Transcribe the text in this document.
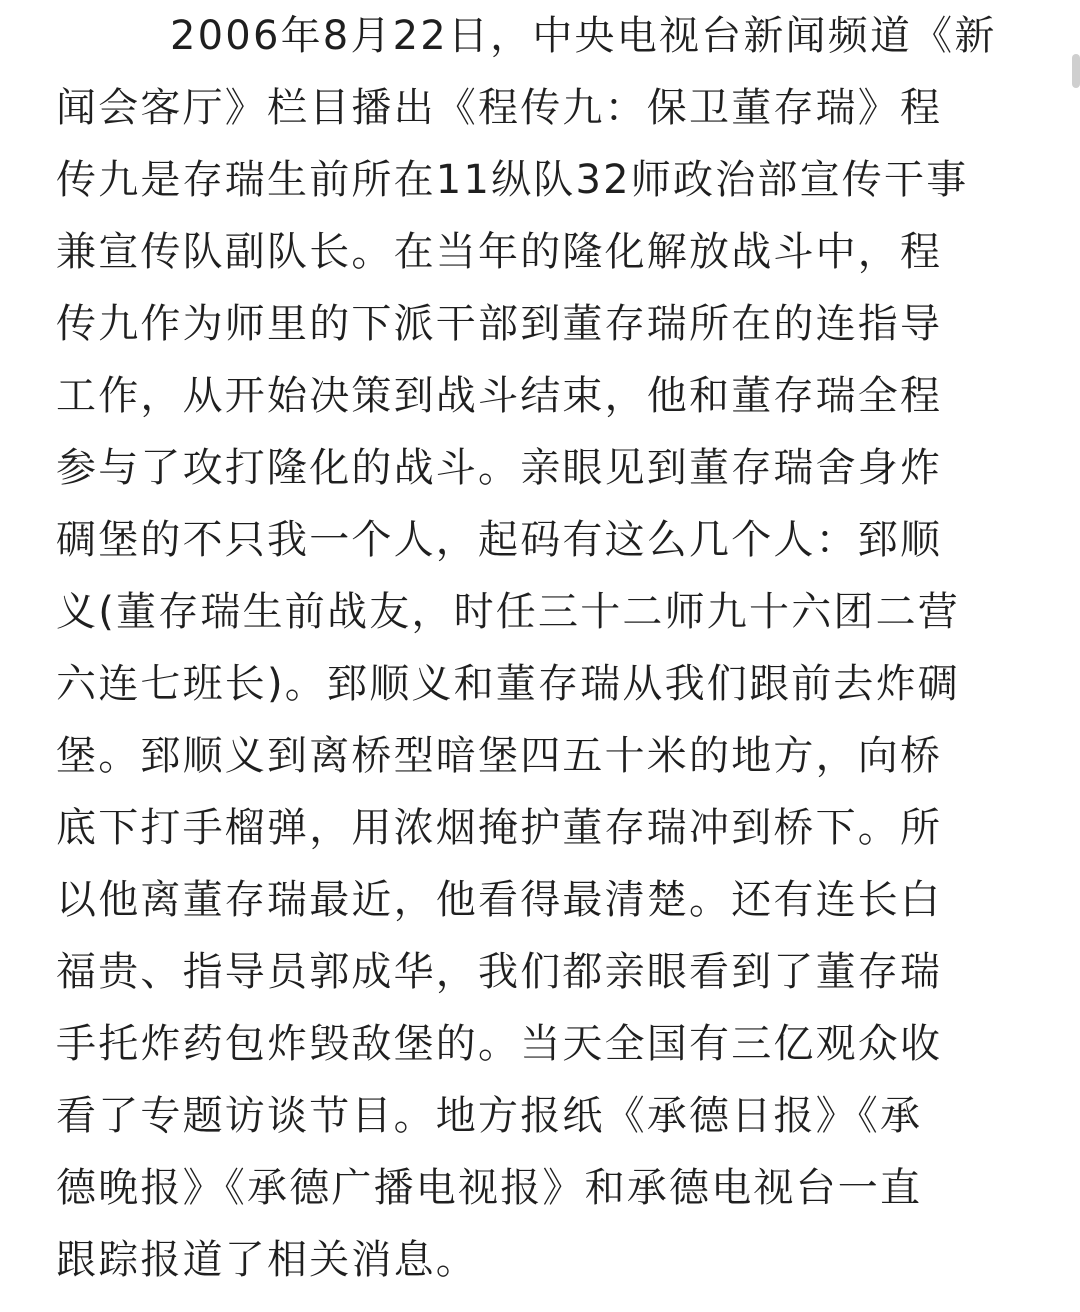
2006年8月22日，中央电视台新闻频道《新
闻会客厅》栏目播出《程传九：保卫董存瑞》程
传九是存瑞生前所在11纵队32师政治部宣传干事
兼宣传队副队长。在当年的隆化解放战斗中，程
传九作为师里的下派干部到董存瑞所在的连指导
工作，从开始决策到战斗结束，他和董存瑞全程
参与了攻打隆化的战斗。亲眼见到董存瑞舍身炸
碉堡的不只我一个人，起码有这么几个人：郅顺
义(董存瑞生前战友，时任三十二师九十六团二营
六连七班长)。郅顺义和董存瑞从我们跟前去炸碉
堡。郅顺义到离桥型暗堡四五十米的地方，向桥
底下打手榴弹，用浓烟掩护董存瑞冲到桥下。所
以他离董存瑞最近，他看得最清楚。还有连长白
福贵、指导员郭成华，我们都亲眼看到了董存瑞
手托炸药包炸毁敌堡的。当天全国有三亿观众收
看了专题访谈节目。地方报纸《承德日报》《承
德晚报》《承德广播电视报》和承德电视台一直
跟踪报道了相关消息。
